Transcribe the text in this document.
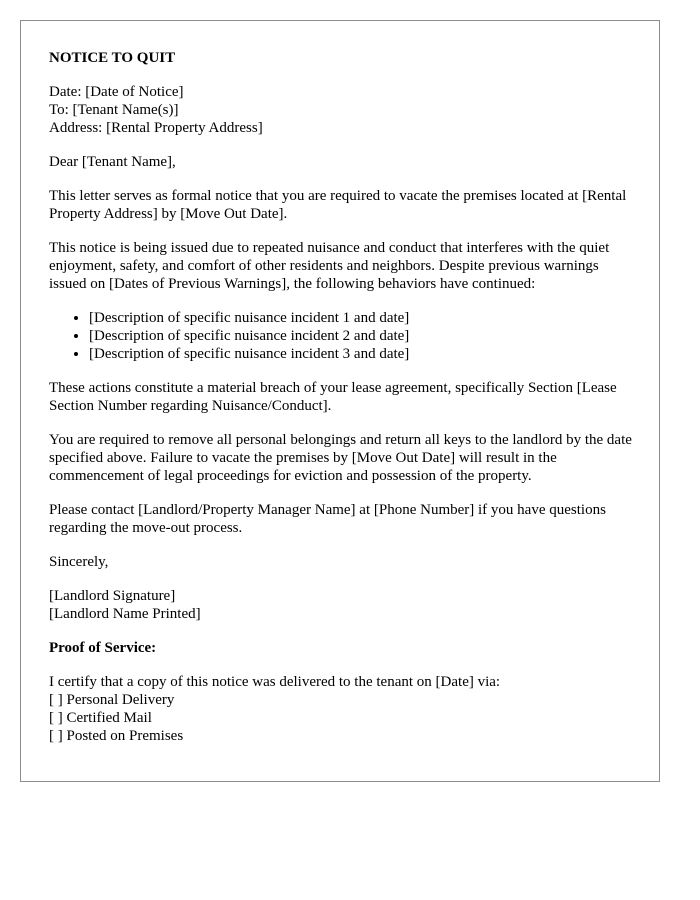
NOTICE TO QUIT

Date: [Date of Notice]
To: [Tenant Name(s)]
Address: [Rental Property Address]

Dear [Tenant Name],

This letter serves as formal notice that you are required to vacate the premises located at [Rental Property Address] by [Move Out Date].

This notice is being issued due to repeated nuisance and conduct that interferes with the quiet enjoyment, safety, and comfort of other residents and neighbors. Despite previous warnings issued on [Dates of Previous Warnings], the following behaviors have continued:

• [Description of specific nuisance incident 1 and date]
• [Description of specific nuisance incident 2 and date]
• [Description of specific nuisance incident 3 and date]

These actions constitute a material breach of your lease agreement, specifically Section [Lease Section Number regarding Nuisance/Conduct].

You are required to remove all personal belongings and return all keys to the landlord by the date specified above. Failure to vacate the premises by [Move Out Date] will result in the commencement of legal proceedings for eviction and possession of the property.

Please contact [Landlord/Property Manager Name] at [Phone Number] if you have questions regarding the move-out process.

Sincerely,

[Landlord Signature]
[Landlord Name Printed]

Proof of Service:

I certify that a copy of this notice was delivered to the tenant on [Date] via:
[ ] Personal Delivery
[ ] Certified Mail
[ ] Posted on Premises
